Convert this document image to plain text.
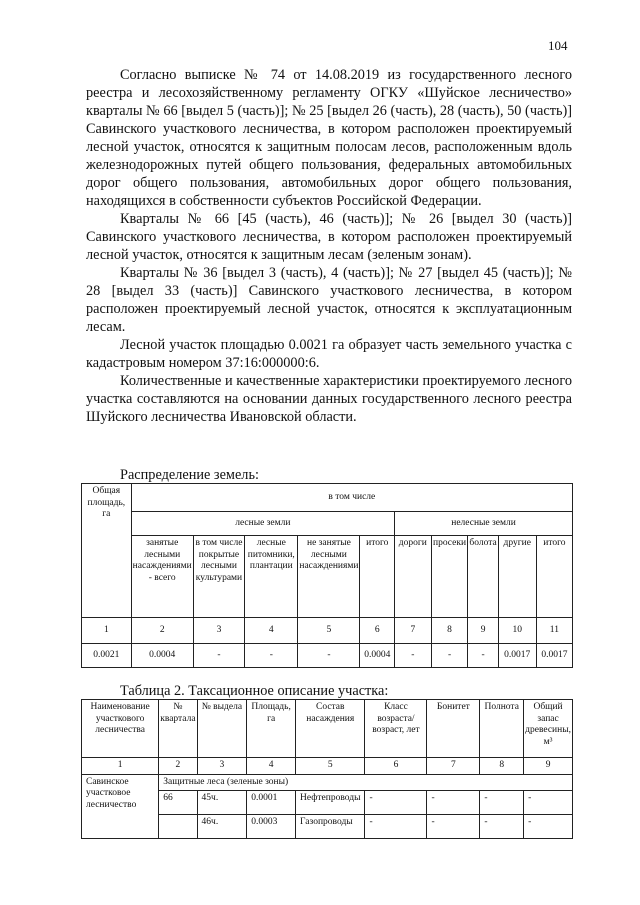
104

Согласно выписке № 74 от 14.08.2019 из государственного лесного реестра и лесохозяйственному регламенту ОГКУ «Шуйское лесничество» кварталы № 66 [выдел 5 (часть)]; № 25 [выдел 26 (часть), 28 (часть), 50 (часть)] Савинского участкового лесничества, в котором расположен проектируемый лесной участок, относятся к защитным полосам лесов, расположенным вдоль железнодорожных путей общего пользования, федеральных автомобильных дорог общего пользования, автомобильных дорог общего пользования, находящихся в собственности субъектов Российской Федерации.

Кварталы № 66 [45 (часть), 46 (часть)]; № 26 [выдел 30 (часть)] Савинского участкового лесничества, в котором расположен проектируемый лесной участок, относятся к защитным лесам (зеленым зонам).

Кварталы № 36 [выдел 3 (часть), 4 (часть)]; № 27 [выдел 45 (часть)]; № 28 [выдел 33 (часть)] Савинского участкового лесничества, в котором расположен проектируемый лесной участок, относятся к эксплуатационным лесам.

Лесной участок площадью 0.0021 га образует часть земельного участка с кадастровым номером 37:16:000000:6.

Количественные и качественные характеристики проектируемого лесного участка составляются на основании данных государственного лесного реестра Шуйского лесничества Ивановской области.

Распределение земель:
Общая площадь, га	в том числе									
	лесные земли					нелесные земли				
	занятые лесными насаждениями - всего	в том числе покрытые лесными культурами	лесные питомники, плантации	не занятые лесными насаждениями	итого	дороги	просеки	болота	другие	итого
1	2	3	4	5	6	7	8	9	10	11
0.0021	0.0004	-	-	-	0.0004	-	-	-	0.0017	0.0017
Таблица 2. Таксационное описание участка:
Наименование участкового лесничества	№ квартала	№ выдела	Площадь, га	Состав насаждения	Класс возраста/ возраст, лет	Бонитет	Полнота	Общий запас древесины, м³
1	2	3	4	5	6	7	8	9
Савинское участковое лесничество	Защитные леса (зеленые зоны)							
	66	45ч.	0.0001	Нефтепроводы	-	-	-	-
		46ч.	0.0003	Газопроводы	-	-	-	-
